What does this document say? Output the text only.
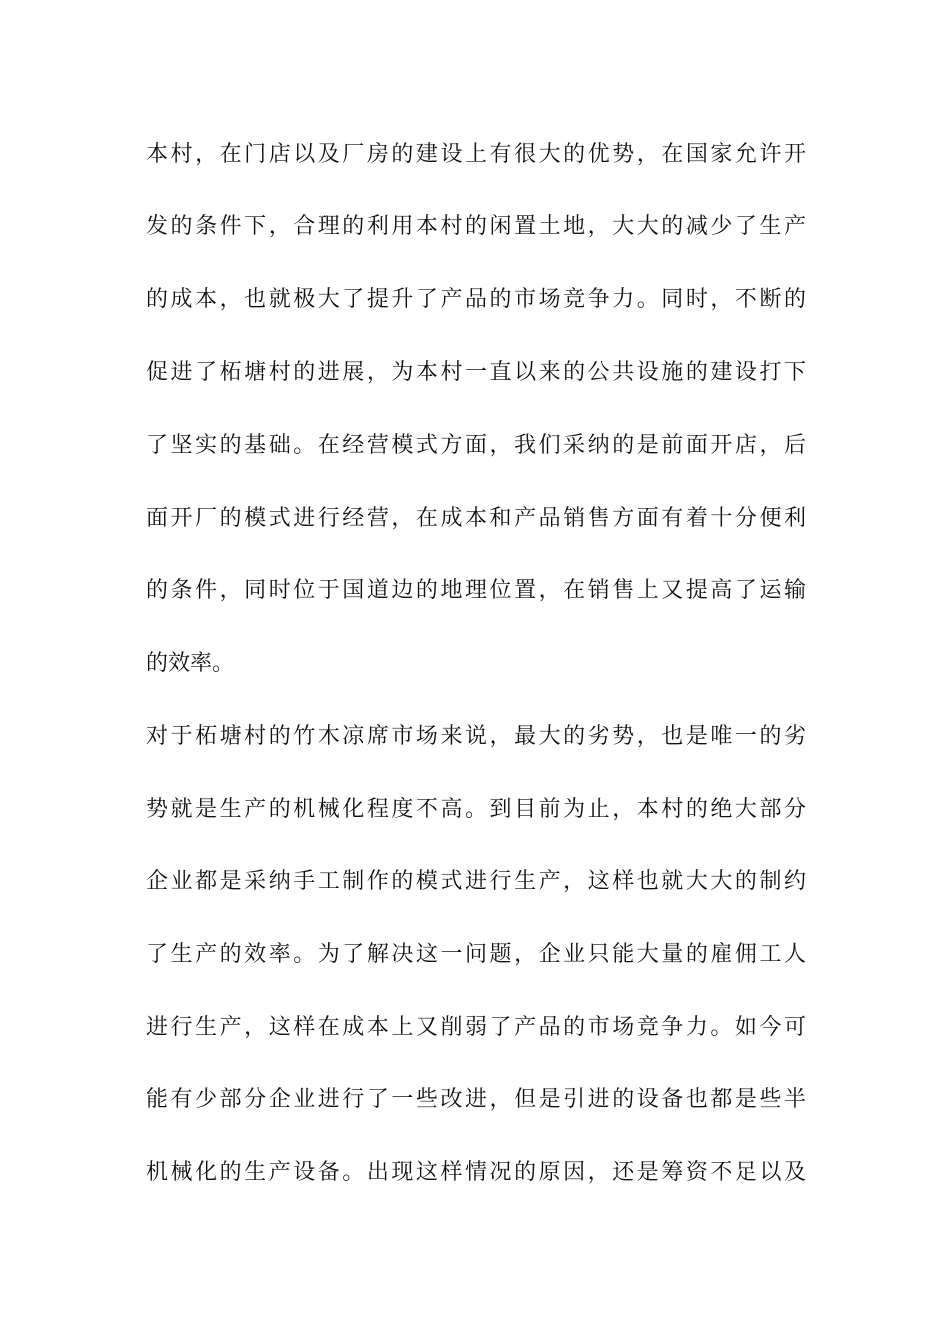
本村，在门店以及厂房的建设上有很大的优势，在国家允许开
发的条件下，合理的利用本村的闲置土地，大大的减少了生产
的成本，也就极大了提升了产品的市场竞争力。同时，不断的
促进了柘塘村的进展，为本村一直以来的公共设施的建设打下
了坚实的基础。在经营模式方面，我们采纳的是前面开店，后
面开厂的模式进行经营，在成本和产品销售方面有着十分便利
的条件，同时位于国道边的地理位置，在销售上又提高了运输
的效率。
对于柘塘村的竹木凉席市场来说，最大的劣势，也是唯一的劣
势就是生产的机械化程度不高。到目前为止，本村的绝大部分
企业都是采纳手工制作的模式进行生产，这样也就大大的制约
了生产的效率。为了解决这一问题，企业只能大量的雇佣工人
进行生产，这样在成本上又削弱了产品的市场竞争力。如今可
能有少部分企业进行了一些改进，但是引进的设备也都是些半
机械化的生产设备。出现这样情况的原因，还是筹资不足以及
